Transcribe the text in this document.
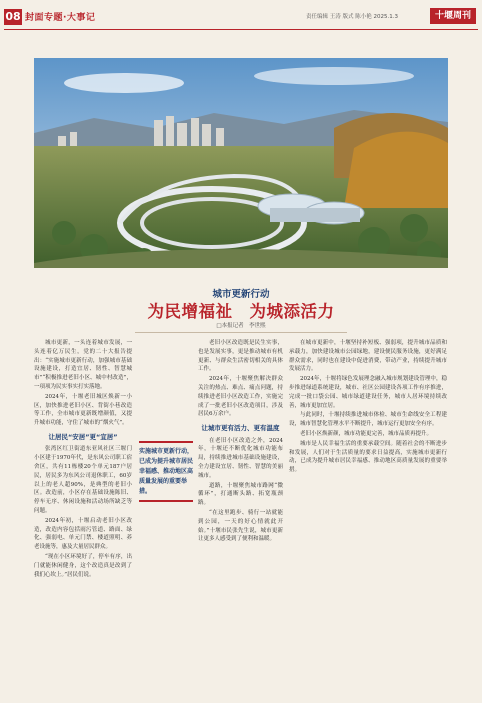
08 封面专题·大事记	责任编辑 王涛 版式 陈小艳 2025.1.3	十堰周刊
城市更新行动
为民增福祉　为城添活力
□本报记者　李世熙

城市更新，一头连着城市发展，一头连着亿万民生，党的二十大报告提出：“实施城市更新行动，加强城市基础设施建设，打造宜居、韧性、智慧城市”“积极推进老旧小区、城中村改造”，一项项为民实事实打实落地。

2024年，十堰老旧城区焕新一小区，加快推进老旧小区、背街小巷改造等工作，全市城市更新既增颜值，又提升城市功能，守住了城市的“烟火气”。

让居民“安居”更“宜居”

张湾区红卫街道东亚风社区三堰门小区建于1970年代，是东风公司职工宿舍区，共有11栋楼20个单元187户居民，居民多为东风公司退休职工，60岁以上的老人超90%，是典型的老旧小区。改造前，小区存在基础设施陈旧、停车无序、休闲设施和活动场所缺乏等问题。

2024年初，十堰启动老旧小区改造，改造内容包括雨污管道、路面、绿化、强弱电、单元门禁、楼道照明、养老设施等，惠及大量居民群众。

“现在小区环境好了，停车有序，出门就能休闲健身，这个改造真是改到了我们心坎上。”居民们说。

实施城市更新行动，已成为提升城市居民幸福感、推动地区高质量发展的重要举措。

老旧小区改造既是民生实事，也是发展实事，更是推动城市有机更新、与群众生活密切相关的具体工作。

2024年，十堰聚焦解决群众关注的热点、难点、痛点问题，持续推进老旧小区改造工作，实施完成了一批老旧小区改造项目，涉及居民6万余户。

让城市更有活力、更有温度

在老旧小区改造之外，2024年，十堰还不断优化城市功能布局，持续推进城市基础设施建设，全力建设宜居、韧性、智慧的美丽城市。

道路，十堰聚焦城市路网“微循环”，打通断头路、拓宽瓶颈路。

“在这里跑步、骑行一站就能到公园，一天的好心情就此开始。”十堰市民张先生说，城市更新让更多人感受到了便利和温暖。

在城市更新中，十堰坚持补短板、强弱项，提升城市品质和承载力，加快建设城市公园绿地，建设便民服务设施，更好满足群众需求，同时也在建设中促进消费，带动产业，持续提升城市发展活力。

2024年，十堰将绿色发展理念融入城市规划建设管理中，稳步推进绿道系统建设，城市、社区公园建设各项工作有序推进，完成一批口袋公园、城市绿道建设任务，城市人居环境持续改善，城市更加宜居。

与此同时，十堰持续推进城市体检、城市生命线安全工程建设，城市智慧化管理水平不断提升，城市运行更加安全有序。

老旧小区焕新颜，城市功能更完善，城市品质再提升。

城市是人民幸福生活的重要承载空间。随着社会的不断进步和发展，人们对于生活质量的要求日益提高，实施城市更新行动，已成为提升城市居民幸福感、推动地区高质量发展的重要举措。
